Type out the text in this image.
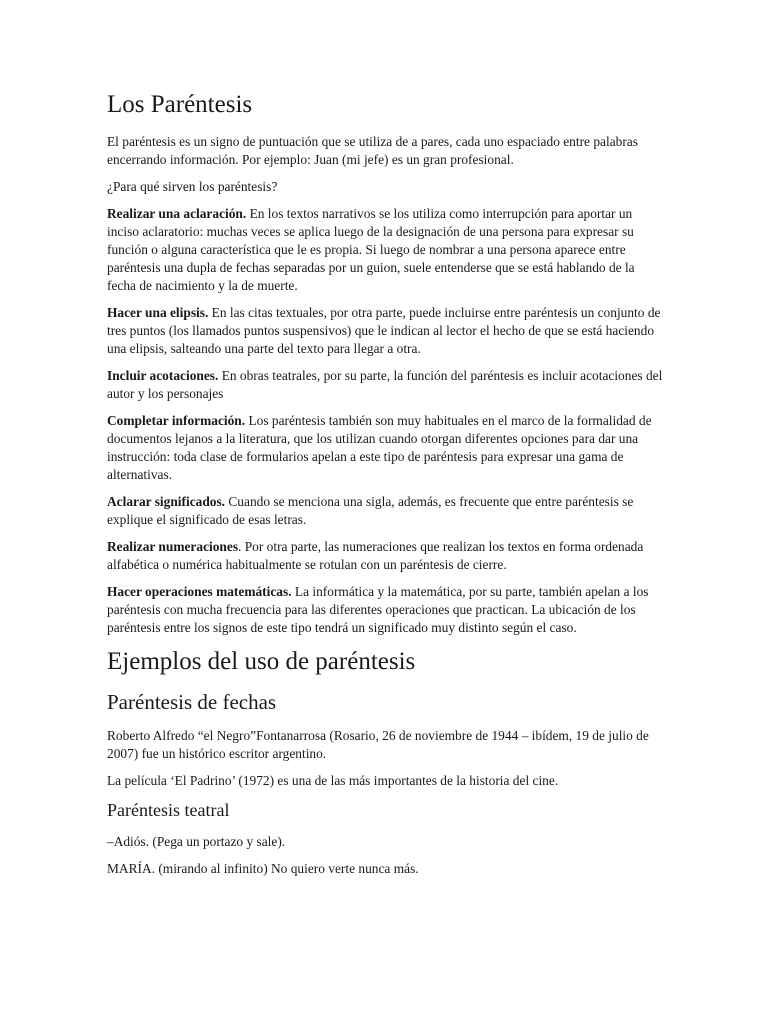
Los Paréntesis

El paréntesis es un signo de puntuación que se utiliza de a pares, cada uno espaciado entre palabras encerrando información. Por ejemplo: Juan (mi jefe) es un gran profesional.

¿Para qué sirven los paréntesis?

Realizar una aclaración. En los textos narrativos se los utiliza como interrupción para aportar un inciso aclaratorio: muchas veces se aplica luego de la designación de una persona para expresar su función o alguna característica que le es propia. Si luego de nombrar a una persona aparece entre paréntesis una dupla de fechas separadas por un guion, suele entenderse que se está hablando de la fecha de nacimiento y la de muerte.

Hacer una elipsis. En las citas textuales, por otra parte, puede incluirse entre paréntesis un conjunto de tres puntos (los llamados puntos suspensivos) que le indican al lector el hecho de que se está haciendo una elipsis, salteando una parte del texto para llegar a otra.

Incluir acotaciones. En obras teatrales, por su parte, la función del paréntesis es incluir acotaciones del autor y los personajes

Completar información. Los paréntesis también son muy habituales en el marco de la formalidad de documentos lejanos a la literatura, que los utilizan cuando otorgan diferentes opciones para dar una instrucción: toda clase de formularios apelan a este tipo de paréntesis para expresar una gama de alternativas.

Aclarar significados. Cuando se menciona una sigla, además, es frecuente que entre paréntesis se explique el significado de esas letras.

Realizar numeraciones. Por otra parte, las numeraciones que realizan los textos en forma ordenada alfabética o numérica habitualmente se rotulan con un paréntesis de cierre.

Hacer operaciones matemáticas. La informática y la matemática, por su parte, también apelan a los paréntesis con mucha frecuencia para las diferentes operaciones que practican. La ubicación de los paréntesis entre los signos de este tipo tendrá un significado muy distinto según el caso.

Ejemplos del uso de paréntesis
Paréntesis de fechas

Roberto Alfredo “el Negro”Fontanarrosa (Rosario, 26 de noviembre de 1944 – ibídem, 19 de julio de 2007) fue un histórico escritor argentino.

La película ‘El Padrino’ (1972) es una de las más importantes de la historia del cine.

Paréntesis teatral

–Adiós. (Pega un portazo y sale).

MARÍA. (mirando al infinito) No quiero verte nunca más.
